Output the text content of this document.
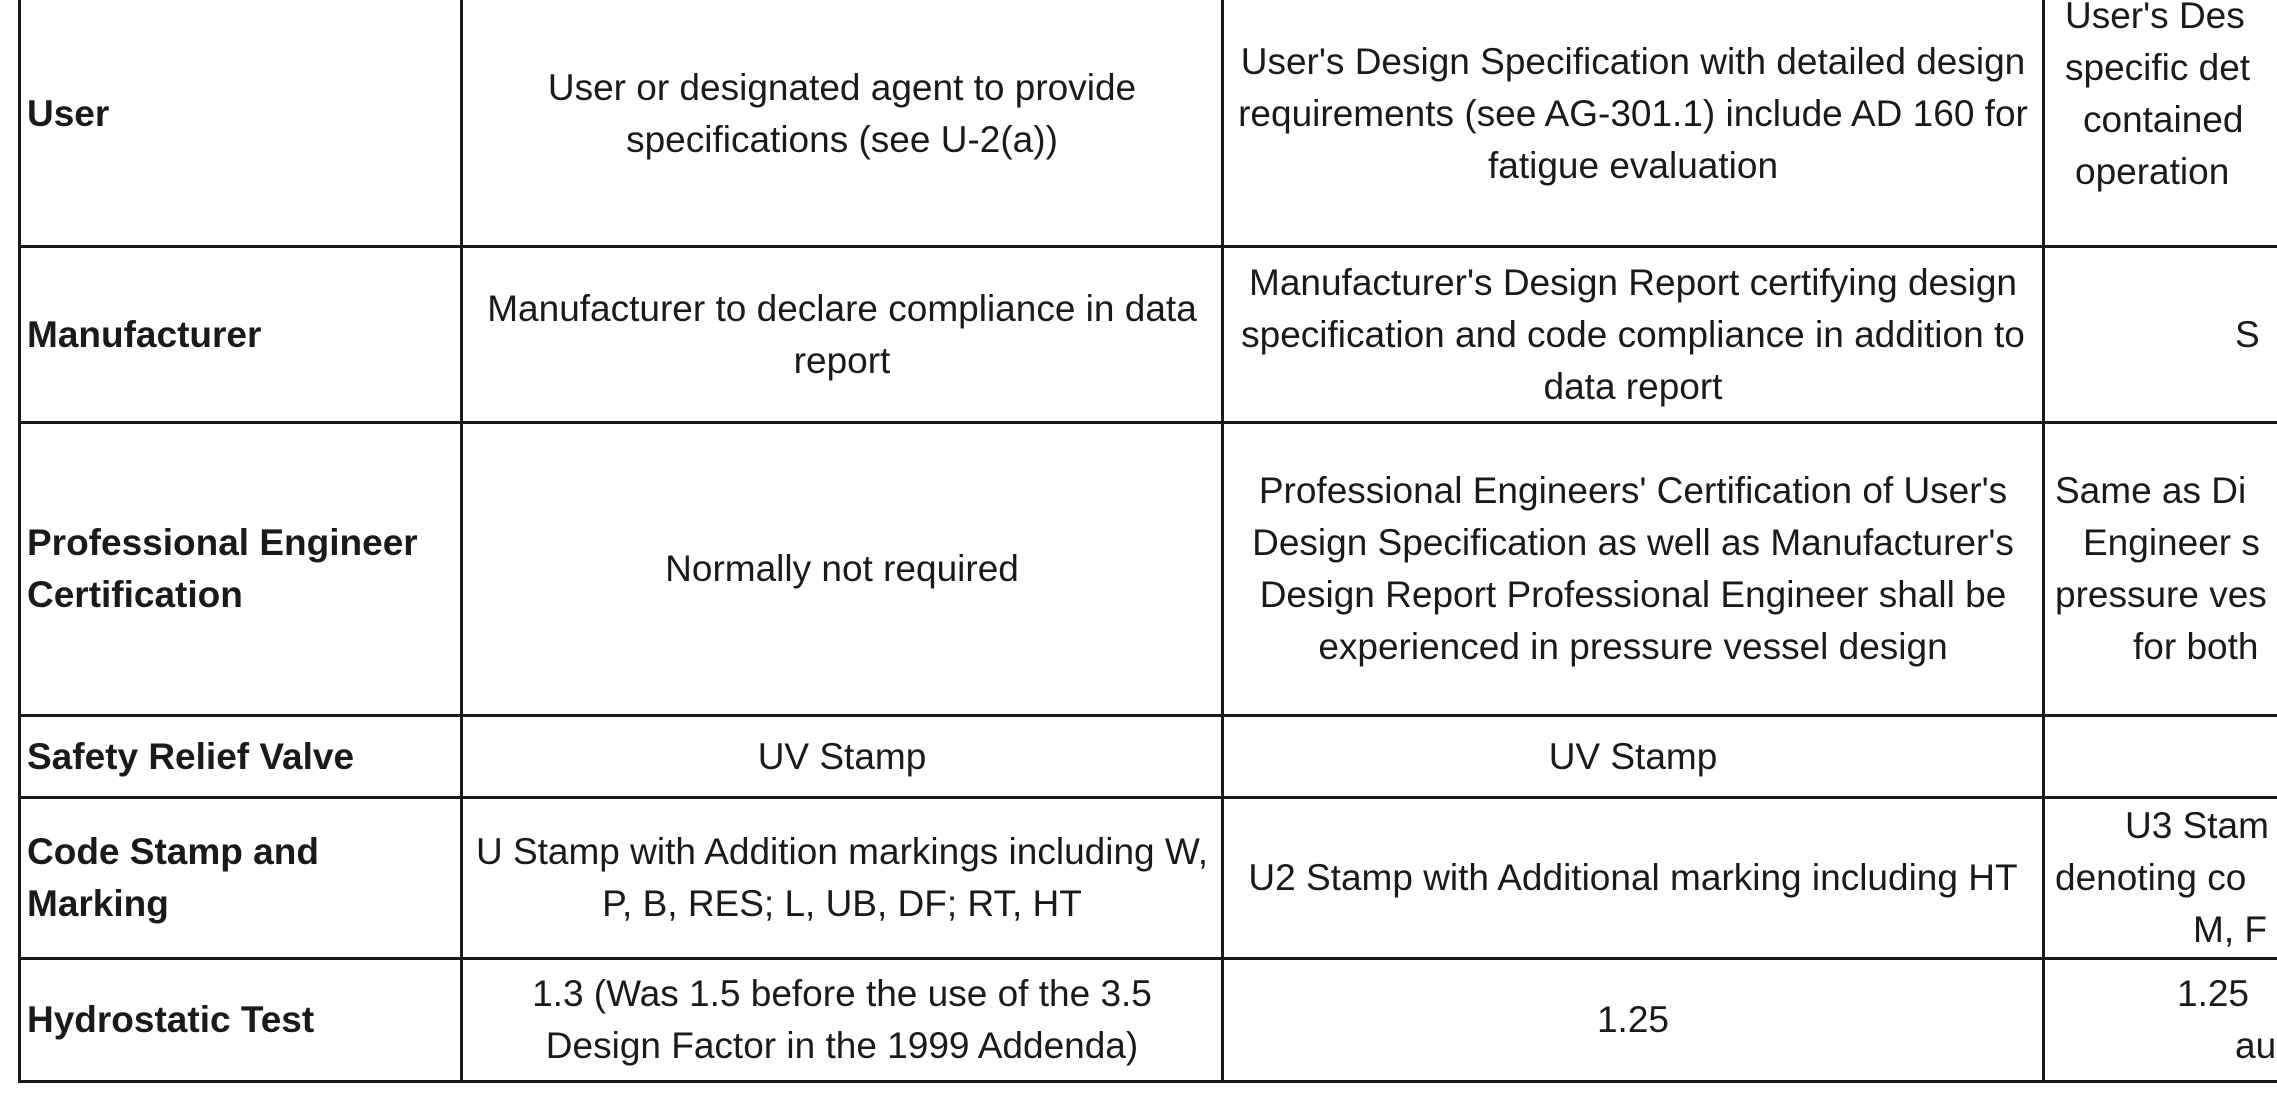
User	User or designated agent to provide specifications (see U-2(a))	User's Design Specification with detailed design requirements (see AG-301.1) include AD 160 for fatigue evaluation	User's Des
specific det
contained
operation

Manufacturer	Manufacturer to declare compliance in data report	Manufacturer's Design Report certifying design specification and code compliance in addition to data report	S

Professional Engineer Certification	Normally not required	Professional Engineers' Certification of User's Design Specification as well as Manufacturer's Design Report Professional Engineer shall be experienced in pressure vessel design	Same as Di
Engineer s
pressure ves
for both

Safety Relief Valve	UV Stamp	UV Stamp	
Code Stamp and Marking	U Stamp with Addition markings including W, P, B, RES; L, UB, DF; RT, HT	U2 Stamp with Additional marking including HT	U3 Stam
denoting co
M, F

Hydrostatic Test	1.3 (Was 1.5 before the use of the 3.5 Design Factor in the 1999 Addenda)	1.25	1.25
au
